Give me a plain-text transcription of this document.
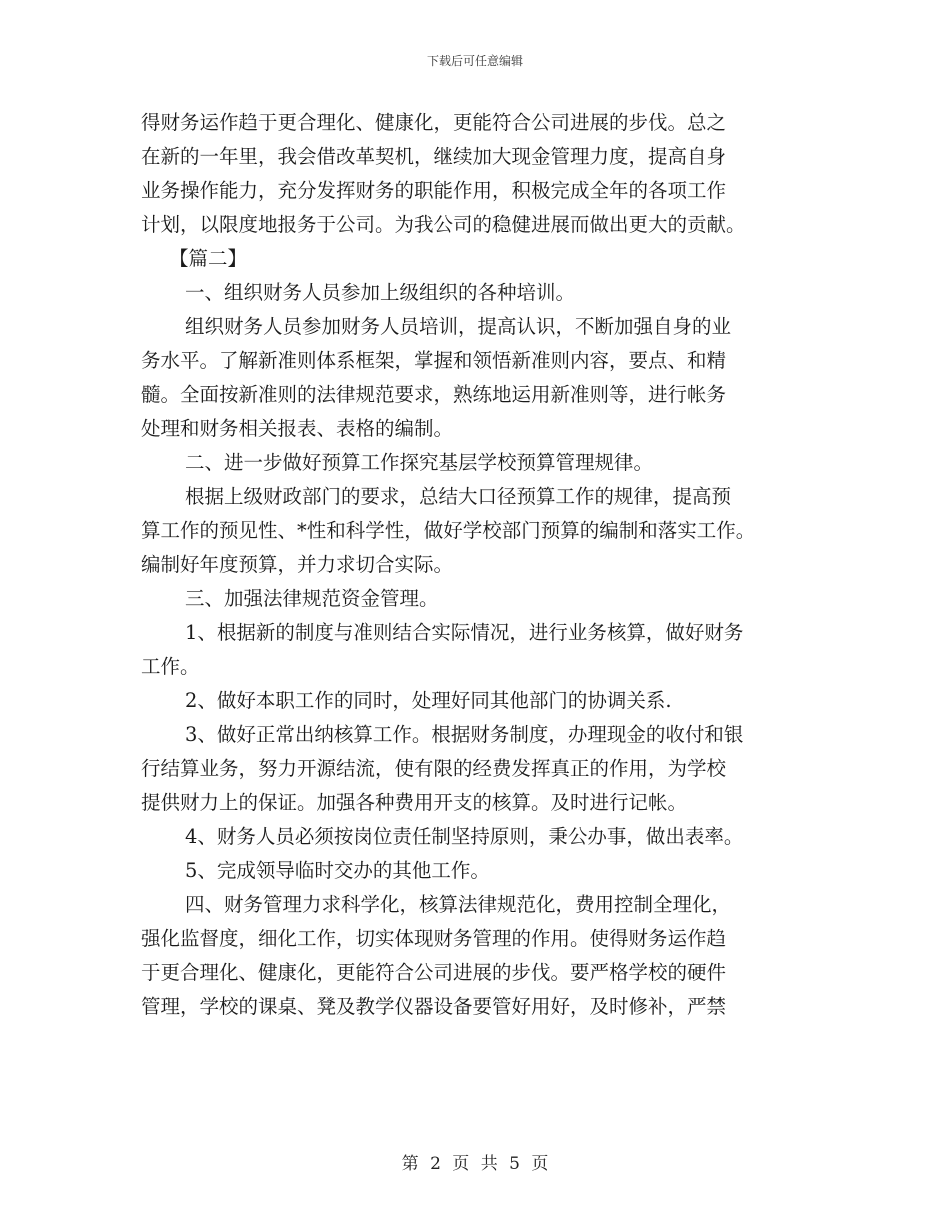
下载后可任意编辑
得财务运作趋于更合理化、健康化，更能符合公司进展的步伐。总之
在新的一年里，我会借改革契机，继续加大现金管理力度，提高自身
业务操作能力，充分发挥财务的职能作用，积极完成全年的各项工作
计划，以限度地报务于公司。为我公司的稳健进展而做出更大的贡献。
【篇二】
一、组织财务人员参加上级组织的各种培训。
组织财务人员参加财务人员培训，提高认识，不断加强自身的业
务水平。了解新准则体系框架，掌握和领悟新准则内容，要点、和精
髓。全面按新准则的法律规范要求，熟练地运用新准则等，进行帐务
处理和财务相关报表、表格的编制。
二、进一步做好预算工作探究基层学校预算管理规律。
根据上级财政部门的要求，总结大口径预算工作的规律，提高预
算工作的预见性、*性和科学性，做好学校部门预算的编制和落实工作。
编制好年度预算，并力求切合实际。
三、加强法律规范资金管理。
1、根据新的制度与准则结合实际情况，进行业务核算，做好财务
工作。
2、做好本职工作的同时，处理好同其他部门的协调关系.
3、做好正常出纳核算工作。根据财务制度，办理现金的收付和银
行结算业务，努力开源结流，使有限的经费发挥真正的作用，为学校
提供财力上的保证。加强各种费用开支的核算。及时进行记帐。
4、财务人员必须按岗位责任制坚持原则，秉公办事，做出表率。
5、完成领导临时交办的其他工作。
四、财务管理力求科学化，核算法律规范化，费用控制全理化，
强化监督度，细化工作，切实体现财务管理的作用。使得财务运作趋
于更合理化、健康化，更能符合公司进展的步伐。要严格学校的硬件
管理，学校的课桌、凳及教学仪器设备要管好用好，及时修补，严禁
第 2 页 共 5 页
